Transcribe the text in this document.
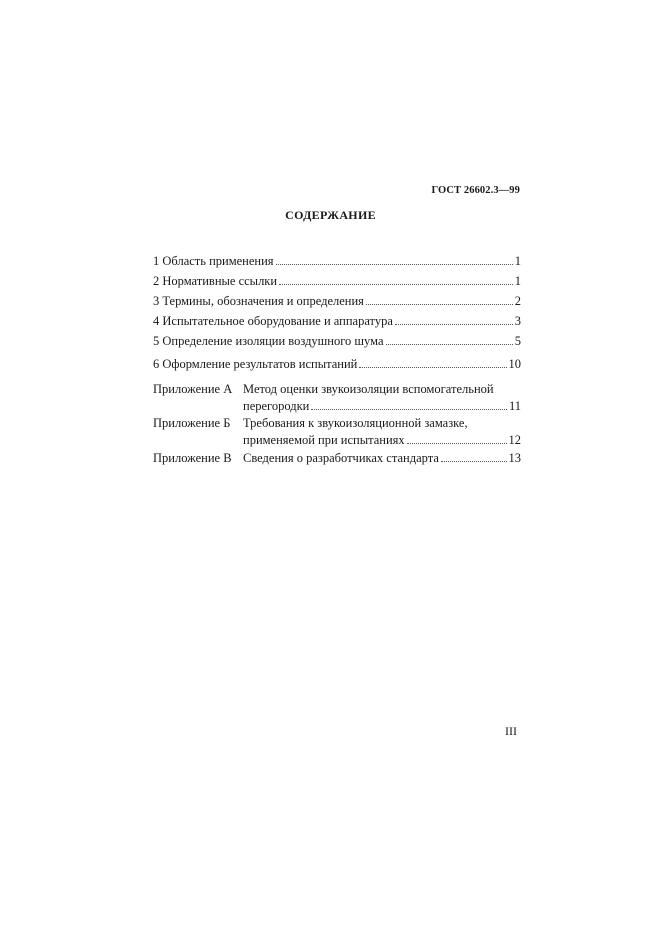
ГОСТ 26602.3—99
СОДЕРЖАНИЕ
1 Область применения	1
2 Нормативные ссылки	1
3 Термины, обозначения и определения	2
4 Испытательное оборудование и аппаратура	3
5 Определение изоляции воздушного шума	5
6 Оформление результатов испытаний	10
Приложение А Метод оценки звукоизоляции вспомогательной
перегородки	11
Приложение Б Требования к звукоизоляционной замазке,
применяемой при испытаниях	12
Приложение В Сведения о разработчиках стандарта	13
III
